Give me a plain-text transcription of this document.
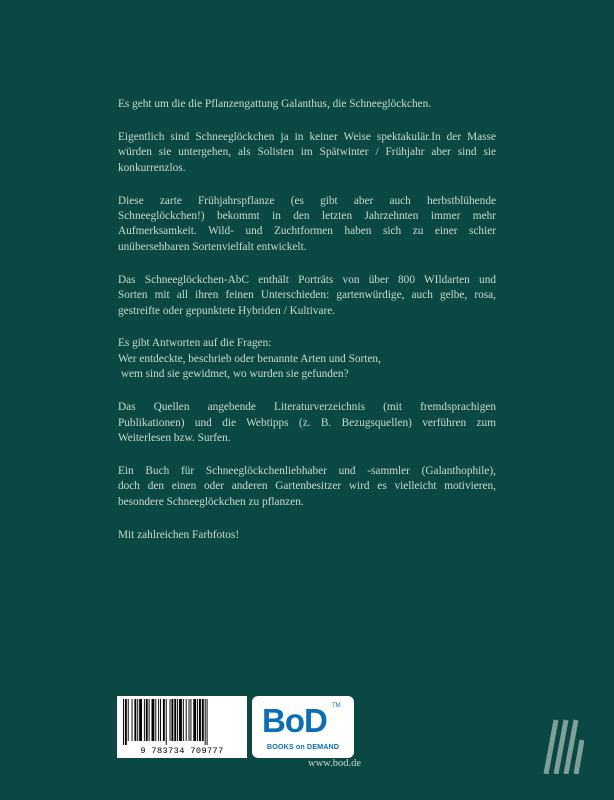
Es geht um die die Pflanzengattung Galanthus, die Schneeglöckchen.

Eigentlich sind Schneeglöckchen ja in keiner Weise spektakulär.In der Masse
würden sie untergehen, als Solisten im Spätwinter / Frühjahr aber sind sie
konkurrenzlos.

Diese zarte Frühjahrspflanze (es gibt aber auch herbstblühende
Schneeglöckchen!) bekommt in den letzten Jahrzehnten immer mehr
Aufmerksamkeit. Wild- und Zuchtformen haben sich zu einer schier
unübersehbaren Sortenvielfalt entwickelt.

Das Schneeglöckchen-AbC enthält Porträts von über 800 WIldarten und
Sorten mit all ihren feinen Unterschieden: gartenwürdige, auch gelbe, rosa,
gestreifte oder gepunktete Hybriden / Kultivare.

Es gibt Antworten auf die Fragen:
Wer entdeckte, beschrieb oder benannte Arten und Sorten,
wem sind sie gewidmet, wo wurden sie gefunden?

Das Quellen angebende Literaturverzeichnis (mit fremdsprachigen
Publikationen) und die Webtipps (z. B. Bezugsquellen) verführen zum
Weiterlesen bzw. Surfen.

Ein Buch für Schneeglöckchenliebhaber und -sammler (Galanthophile),
doch den einen oder anderen Gartenbesitzer wird es vielleicht motivieren,
besondere Schneeglöckchen zu pflanzen.

Mit zahlreichen Farbfotos!

9 783734 709777
BoD TM
BOOKS on DEMAND
www.bod.de
